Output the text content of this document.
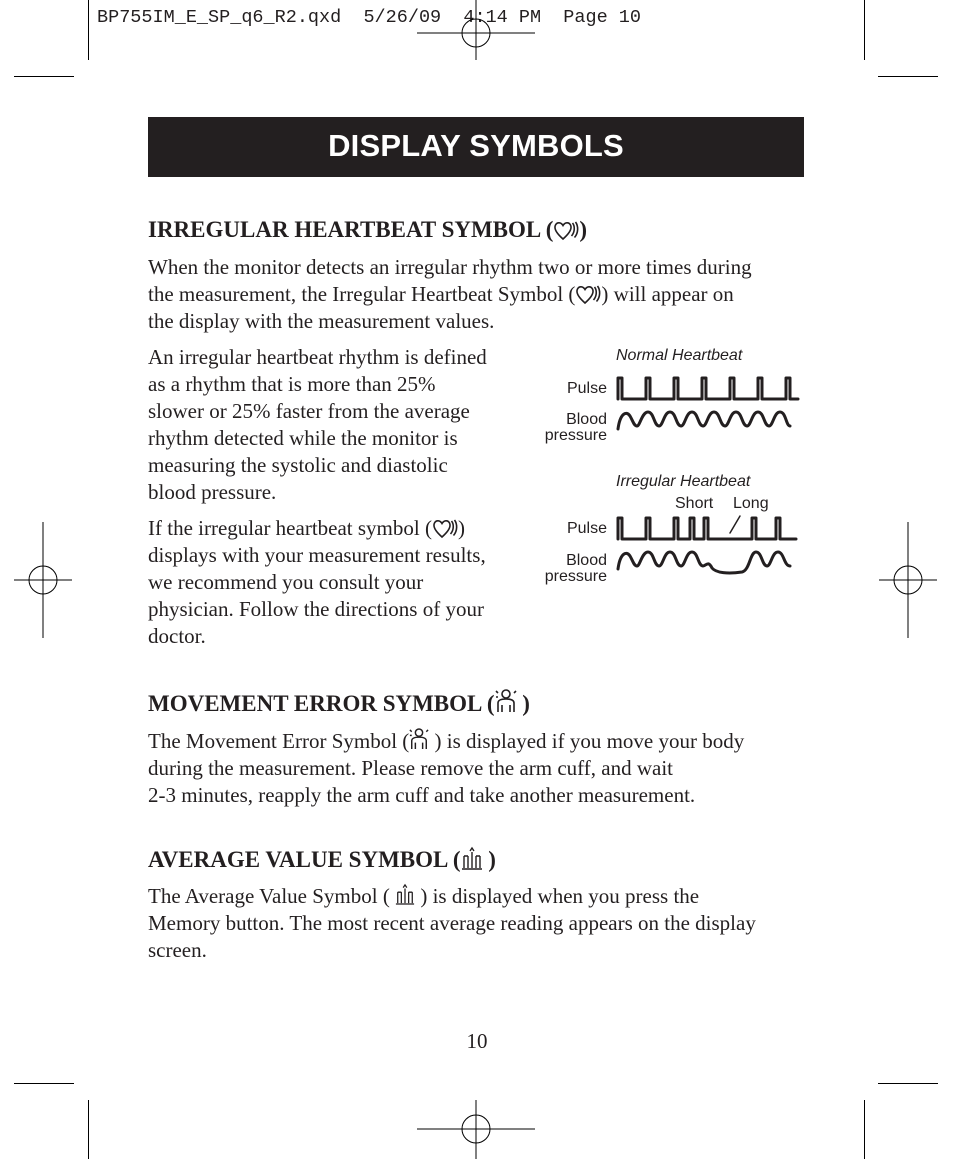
BP755IM_E_SP_q6_R2.qxd  5/26/09  4:14 PM  Page 10
DISPLAY SYMBOLS
IRREGULAR HEARTBEAT SYMBOL ( )

When the monitor detects an irregular rhythm two or more times during

the measurement, the Irregular Heartbeat Symbol ( ) will appear on

the display with the measurement values.

An irregular heartbeat rhythm is defined

as a rhythm that is more than 25%

slower or 25% faster from the average

rhythm detected while the monitor is

measuring the systolic and diastolic

blood pressure.

If the irregular heartbeat symbol ( )

displays with your measurement results,

we recommend you consult your

physician. Follow the directions of your

doctor.

Normal Heartbeat
Pulse
Blood
pressure
Irregular Heartbeat
Short Long
Pulse
Blood
pressure
MOVEMENT ERROR SYMBOL ( )

The Movement Error Symbol ( ) is displayed if you move your body

during the measurement. Please remove the arm cuff, and wait

2-3 minutes, reapply the arm cuff and take another measurement.

AVERAGE VALUE SYMBOL ( )

The Average Value Symbol (  ) is displayed when you press the

Memory button. The most recent average reading appears on the display

screen.

10
